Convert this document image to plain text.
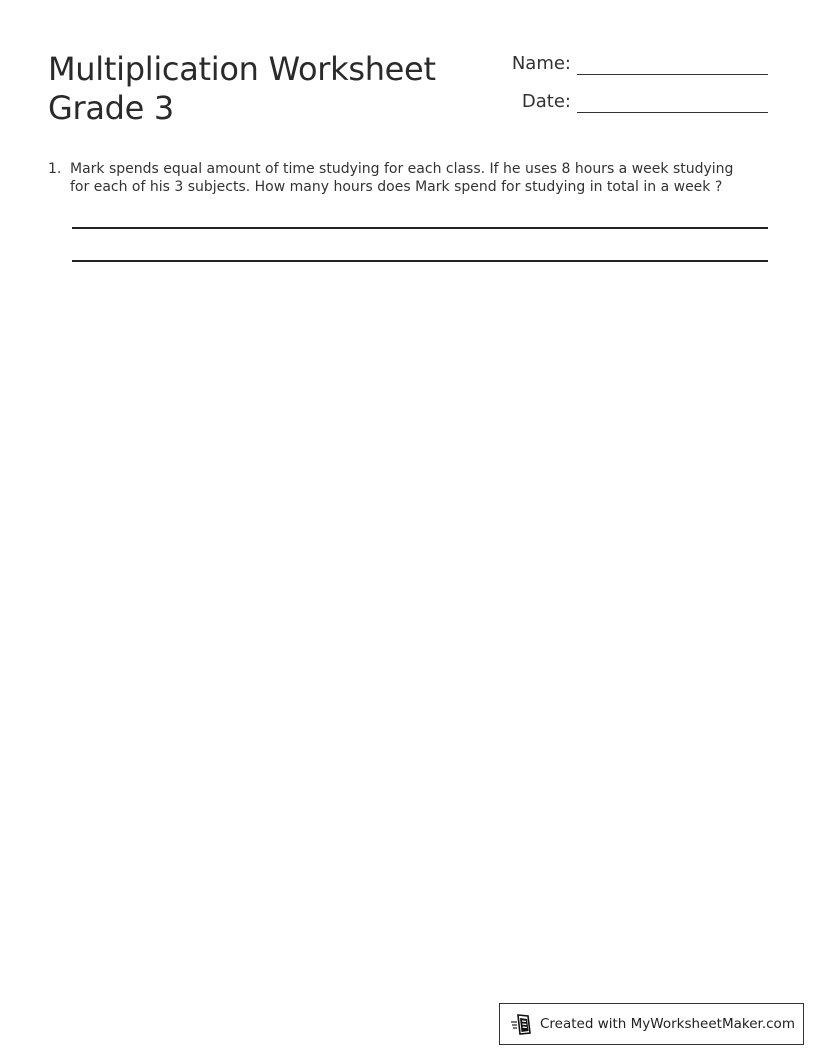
Multiplication Worksheet
Grade 3
Name:
Date:
1. Mark spends equal amount of time studying for each class. If he uses 8 hours a week studying for each of his 3 subjects. How many hours does Mark spend for studying in total in a week ?
Created with MyWorksheetMaker.com
